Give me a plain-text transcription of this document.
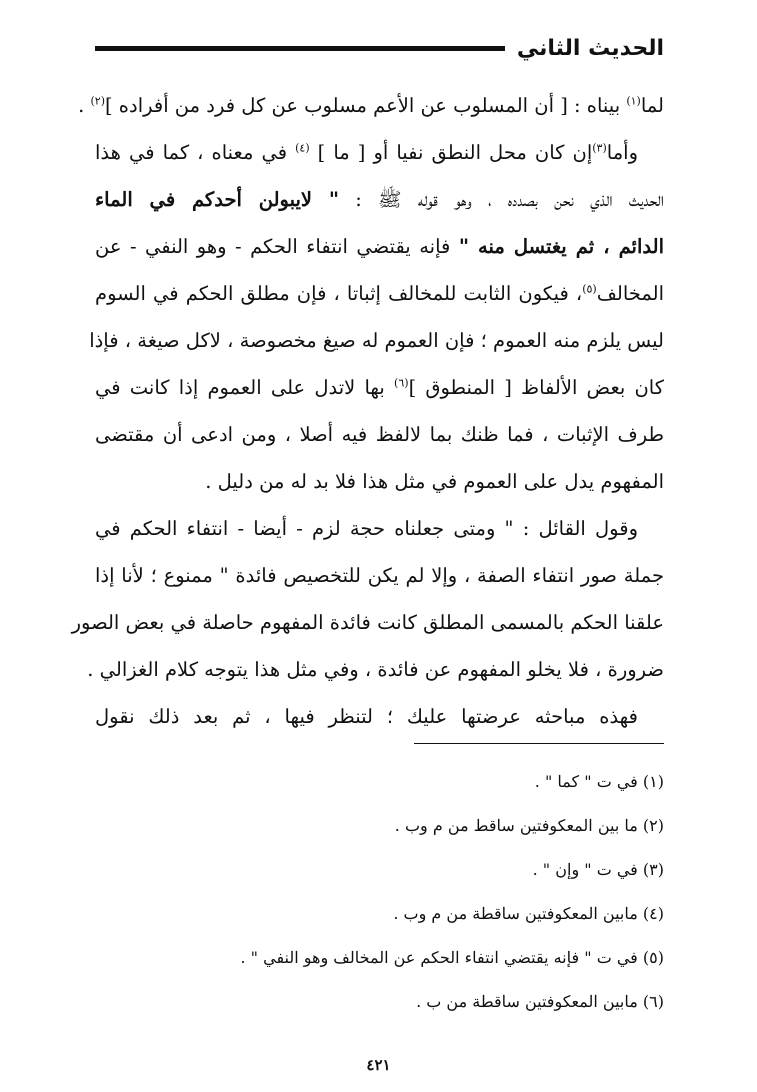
الحديث الثاني
لما$^{(١)}$ بيناه : [ أن المسلوب عن الأعم مسلوب عن كل فرد من أفراده ]$^{(٢)}$ .
وأما$^{(٣)}$إن كان محل النطق نفيا أو [ ما ] $^{(٤)}$ في معناه ، كما في هذا
الحديث الذي نحن بصدده ، وهو قوله ﷺ : " لايبولن أحدكم في الماء
الدائم ، ثم يغتسل منه " فإنه يقتضي انتفاء الحكم - وهو النفي - عن
المخالف$^{(٥)}$، فيكون الثابت للمخالف إثباتا ، فإن مطلق الحكم في السوم
ليس يلزم منه العموم ؛ فإن العموم له صيغ مخصوصة ، لاكل صيغة ، فإذا
كان بعض الألفاظ [ المنطوق ]$^{(٦)}$ بها لاتدل على العموم إذا كانت في
طرف الإثبات ، فما ظنك بما لالفظ فيه أصلا ، ومن ادعى أن مقتضى
المفهوم يدل على العموم في مثل هذا فلا بد له من دليل .
وقول القائل : " ومتى جعلناه حجة لزم - أيضا - انتفاء الحكم في
جملة صور انتفاء الصفة ، وإلا لم يكن للتخصيص فائدة " ممنوع ؛ لأنا إذا
علقنا الحكم بالمسمى المطلق كانت فائدة المفهوم حاصلة في بعض الصور
ضرورة ، فلا يخلو المفهوم عن فائدة ، وفي مثل هذا يتوجه كلام الغزالي .
فهذه مباحثه عرضتها عليك ؛ لتنظر فيها ، ثم بعد ذلك نقول
(١) في ت " كما " .
(٢) ما بين المعكوفتين ساقط من م وب .
(٣) في ت " وإن " .
(٤) مابين المعكوفتين ساقطة من م وب .
(٥) في ت " فإنه يقتضي انتفاء الحكم عن المخالف وهو النفي " .
(٦) مابين المعكوفتين ساقطة من ب .
٤٢١
